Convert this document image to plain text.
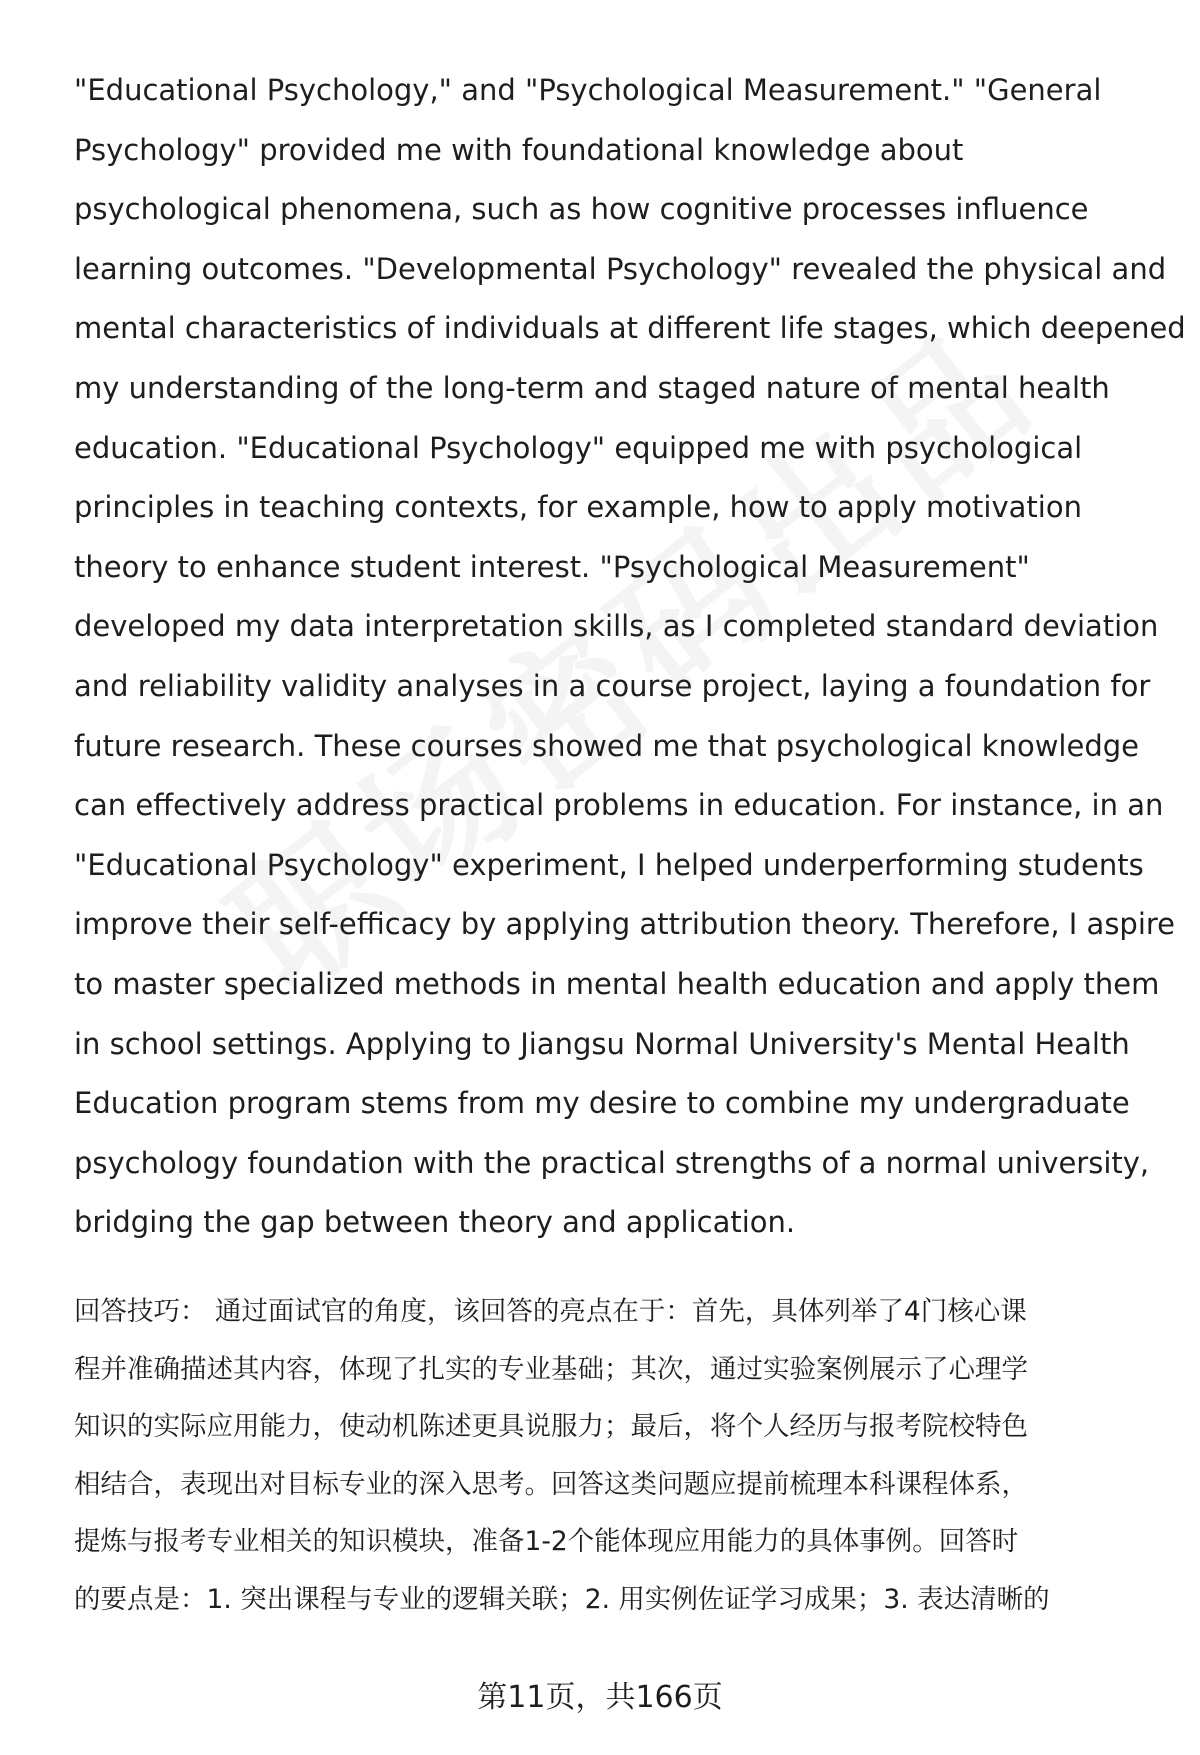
"Educational Psychology," and "Psychological Measurement." "General
Psychology" provided me with foundational knowledge about
psychological phenomena, such as how cognitive processes influence
learning outcomes. "Developmental Psychology" revealed the physical and
mental characteristics of individuals at different life stages, which deepened
my understanding of the long-term and staged nature of mental health
education. "Educational Psychology" equipped me with psychological
principles in teaching contexts, for example, how to apply motivation
theory to enhance student interest. "Psychological Measurement"
developed my data interpretation skills, as I completed standard deviation
and reliability validity analyses in a course project, laying a foundation for
future research. These courses showed me that psychological knowledge
can effectively address practical problems in education. For instance, in an
"Educational Psychology" experiment, I helped underperforming students
improve their self-efficacy by applying attribution theory. Therefore, I aspire
to master specialized methods in mental health education and apply them
in school settings. Applying to Jiangsu Normal University's Mental Health
Education program stems from my desire to combine my undergraduate
psychology foundation with the practical strengths of a normal university,
bridging the gap between theory and application.
回答技巧： 通过面试官的角度，该回答的亮点在于：首先，具体列举了4门核心课
程并准确描述其内容，体现了扎实的专业基础；其次，通过实验案例展示了心理学
知识的实际应用能力，使动机陈述更具说服力；最后，将个人经历与报考院校特色
相结合，表现出对目标专业的深入思考。回答这类问题应提前梳理本科课程体系，
提炼与报考专业相关的知识模块，准备1-2个能体现应用能力的具体事例。回答时
的要点是：1. 突出课程与专业的逻辑关联；2. 用实例佐证学习成果；3. 表达清晰的
第11页，共166页
